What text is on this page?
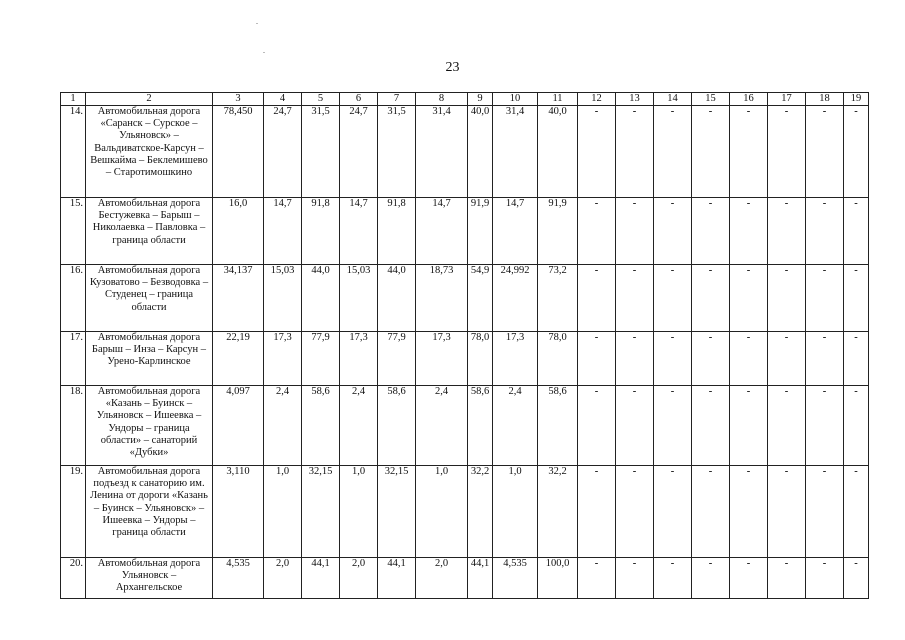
23
1	2	3	4	5	6	7	8	9	10	11	12	13	14	15	16	17	18	19
14.	Автомобильная дорога «Саранск – Сурское – Ульяновск» – Вальдиватское-Карсун – Вешкайма – Беклемишево – Старотимошкино	78,450	24,7	31,5	24,7	31,5	31,4	40,0	31,4	40,0	-	-	-	-	-	-	-	-
15.	Автомобильная дорога Бестужевка – Барыш – Николаевка – Павловка – граница области	16,0	14,7	91,8	14,7	91,8	14,7	91,9	14,7	91,9	-	-	-	-	-	-	-	-
16.	Автомобильная дорога Кузоватово – Безводовка – Студенец – граница области	34,137	15,03	44,0	15,03	44,0	18,73	54,9	24,992	73,2	-	-	-	-	-	-	-	-
17.	Автомобильная дорога Барыш – Инза – Карсун – Урено-Карлинское	22,19	17,3	77,9	17,3	77,9	17,3	78,0	17,3	78,0	-	-	-	-	-	-	-	-
18.	Автомобильная дорога «Казань – Буинск – Ульяновск – Ишеевка – Ундоры – граница области» – санаторий «Дубки»	4,097	2,4	58,6	2,4	58,6	2,4	58,6	2,4	58,6	-	-	-	-	-	-	-	-
19.	Автомобильная дорога подъезд к санаторию им. Ленина от дороги «Казань – Буинск – Ульяновск» – Ишеевка – Ундоры – граница области	3,110	1,0	32,15	1,0	32,15	1,0	32,2	1,0	32,2	-	-	-	-	-	-	-	-
20.	Автомобильная дорога Ульяновск – Архангельское	4,535	2,0	44,1	2,0	44,1	2,0	44,1	4,535	100,0	-	-	-	-	-	-	-	-
